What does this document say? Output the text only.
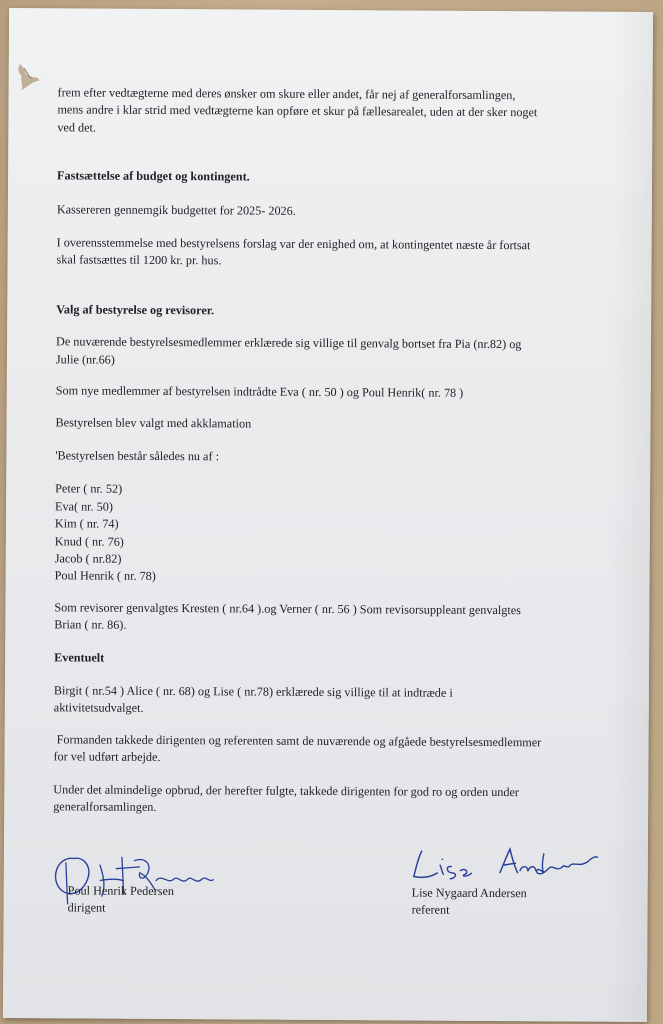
frem efter vedtægterne med deres ønsker om skure eller andet, får nej af generalforsamlingen,
mens andre i klar strid med vedtægterne kan opføre et skur på fællesarealet, uden at der sker noget
ved det.
Fastsættelse af budget og kontingent.
Kassereren gennemgik budgettet for 2025- 2026.
I overensstemmelse med bestyrelsens forslag var der enighed om, at kontingentet næste år fortsat
skal fastsættes til 1200 kr. pr. hus.
Valg af bestyrelse og revisorer.
De nuværende bestyrelsesmedlemmer erklærede sig villige til genvalg bortset fra Pia (nr.82) og
Julie (nr.66)
Som nye medlemmer af bestyrelsen indtrådte Eva ( nr. 50 ) og Poul Henrik( nr. 78 )
Bestyrelsen blev valgt med akklamation
'Bestyrelsen består således nu af :
Peter ( nr. 52)
Eva( nr. 50)
Kim ( nr. 74)
Knud ( nr. 76)
Jacob ( nr.82)
Poul Henrik ( nr. 78)
Som revisorer genvalgtes Kresten ( nr.64 ).og Verner ( nr. 56 ) Som revisorsuppleant genvalgtes
Brian ( nr. 86).
Eventuelt
Birgit ( nr.54 ) Alice ( nr. 68) og Lise ( nr.78) erklærede sig villige til at indtræde i
aktivitetsudvalget.
Formanden takkede dirigenten og referenten samt de nuværende og afgåede bestyrelsesmedlemmer
for vel udført arbejde.
Under det almindelige opbrud, der herefter fulgte, takkede dirigenten for god ro og orden under
generalforsamlingen.
Poul Henrik Pedersen
dirigent
Lise Nygaard Andersen
referent
